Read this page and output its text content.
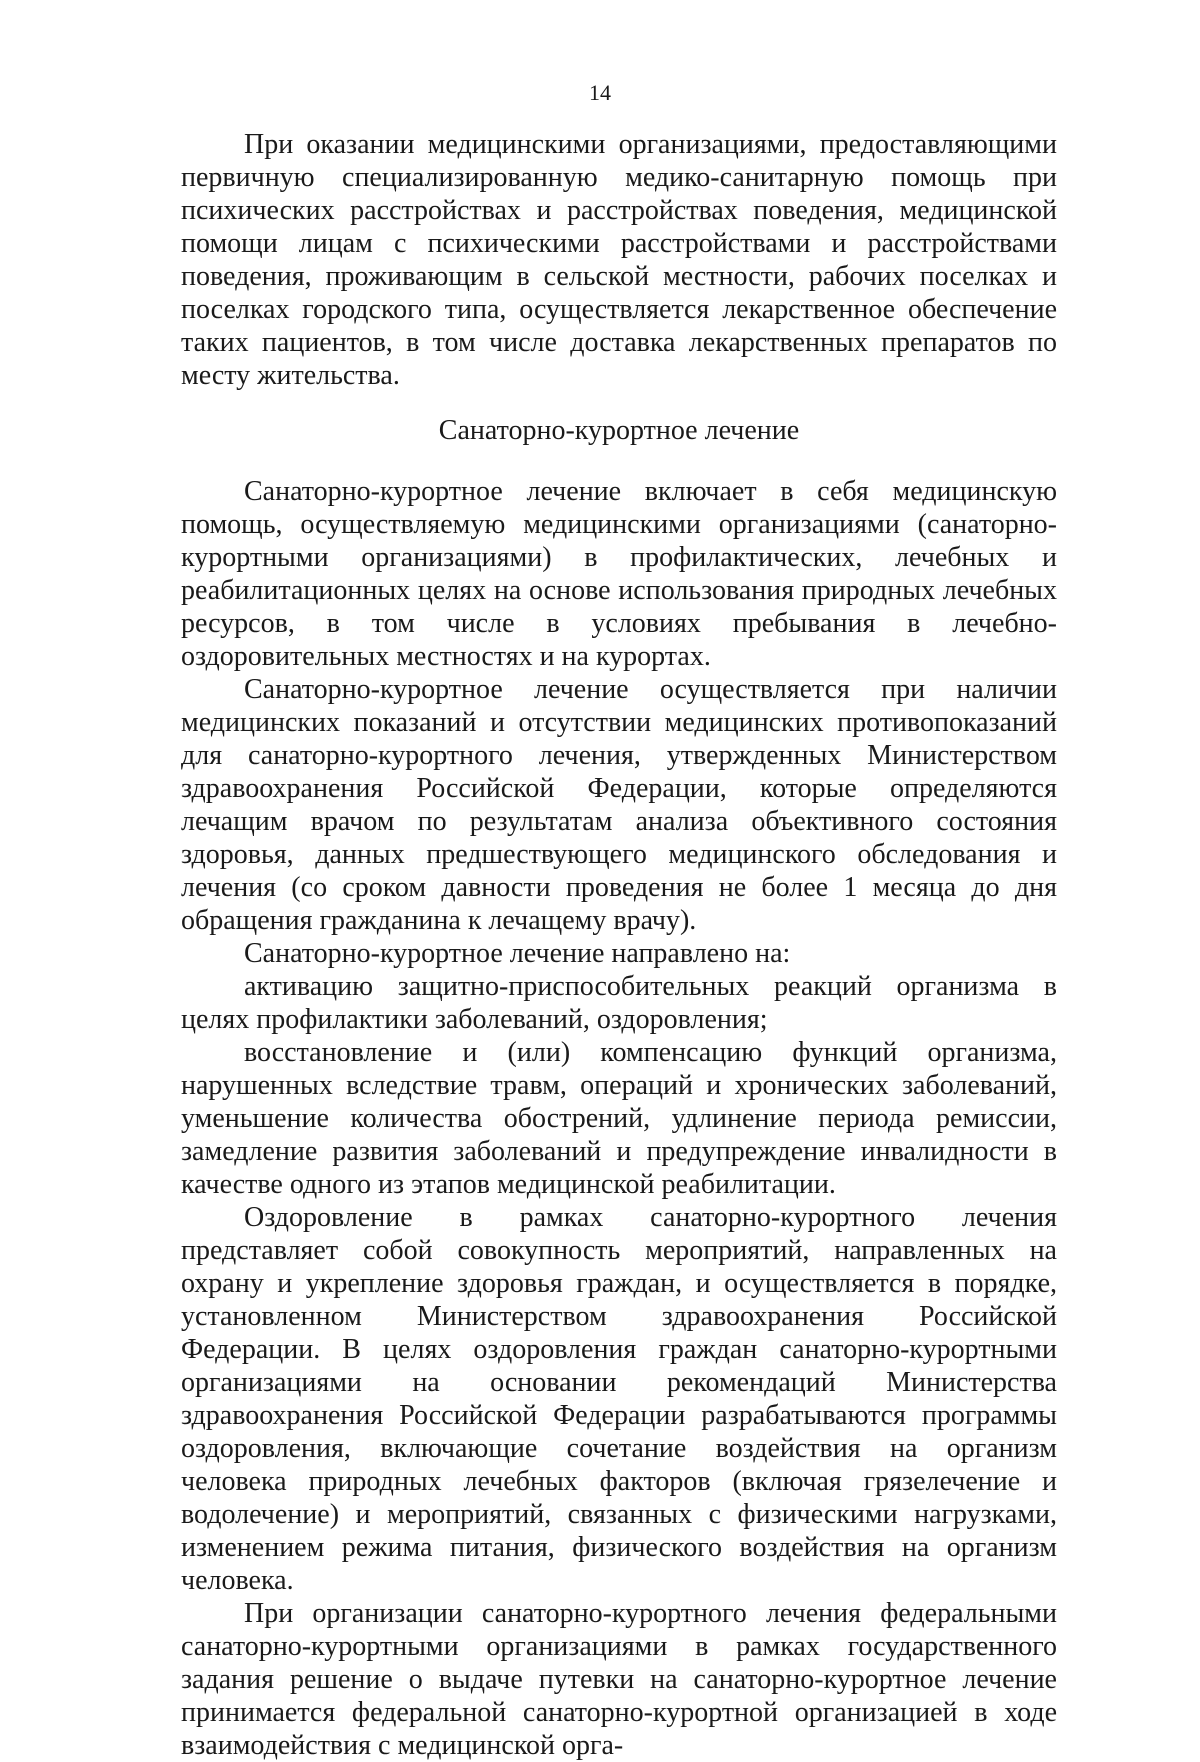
14

При оказании медицинскими организациями, предоставляющими первичную специализированную медико-санитарную помощь при психических расстройствах и расстройствах поведения, медицинской помощи лицам с психическими расстройствами и расстройствами поведения, проживающим в сельской местности, рабочих поселках и поселках городского типа, осуществляется лекарственное обеспечение таких пациентов, в том числе доставка лекарственных препаратов по месту жительства.

Санаторно-курортное лечение

Санаторно-курортное лечение включает в себя медицинскую помощь, осуществляемую медицинскими организациями (санаторно-курортными организациями) в профилактических, лечебных и реабилитационных целях на основе использования природных лечебных ресурсов, в том числе в условиях пребывания в лечебно-оздоровительных местностях и на курортах.

Санаторно-курортное лечение осуществляется при наличии медицинских показаний и отсутствии медицинских противопоказаний для санаторно-курортного лечения, утвержденных Министерством здравоохранения Российской Федерации, которые определяются лечащим врачом по результатам анализа объективного состояния здоровья, данных предшествующего медицинского обследования и лечения (со сроком давности проведения не более 1 месяца до дня обращения гражданина к лечащему врачу).

Санаторно-курортное лечение направлено на:

активацию защитно-приспособительных реакций организма в целях профилактики заболеваний, оздоровления;

восстановление и (или) компенсацию функций организма, нарушенных вследствие травм, операций и хронических заболеваний, уменьшение количества обострений, удлинение периода ремиссии, замедление развития заболеваний и предупреждение инвалидности в качестве одного из этапов медицинской реабилитации.

Оздоровление в рамках санаторно-курортного лечения представляет собой совокупность мероприятий, направленных на охрану и укрепление здоровья граждан, и осуществляется в порядке, установленном Министерством здравоохранения Российской Федерации. В целях оздоровления граждан санаторно-курортными организациями на основании рекомендаций Министерства здравоохранения Российской Федерации разрабатываются программы оздоровления, включающие сочетание воздействия на организм человека природных лечебных факторов (включая грязелечение и водолечение) и мероприятий, связанных с физическими нагрузками, изменением режима питания, физического воздействия на организм человека.

При организации санаторно-курортного лечения федеральными санаторно-курортными организациями в рамках государственного задания решение о выдаче путевки на санаторно-курортное лечение принимается федеральной санаторно-курортной организацией в ходе взаимодействия с медицинской орга-
